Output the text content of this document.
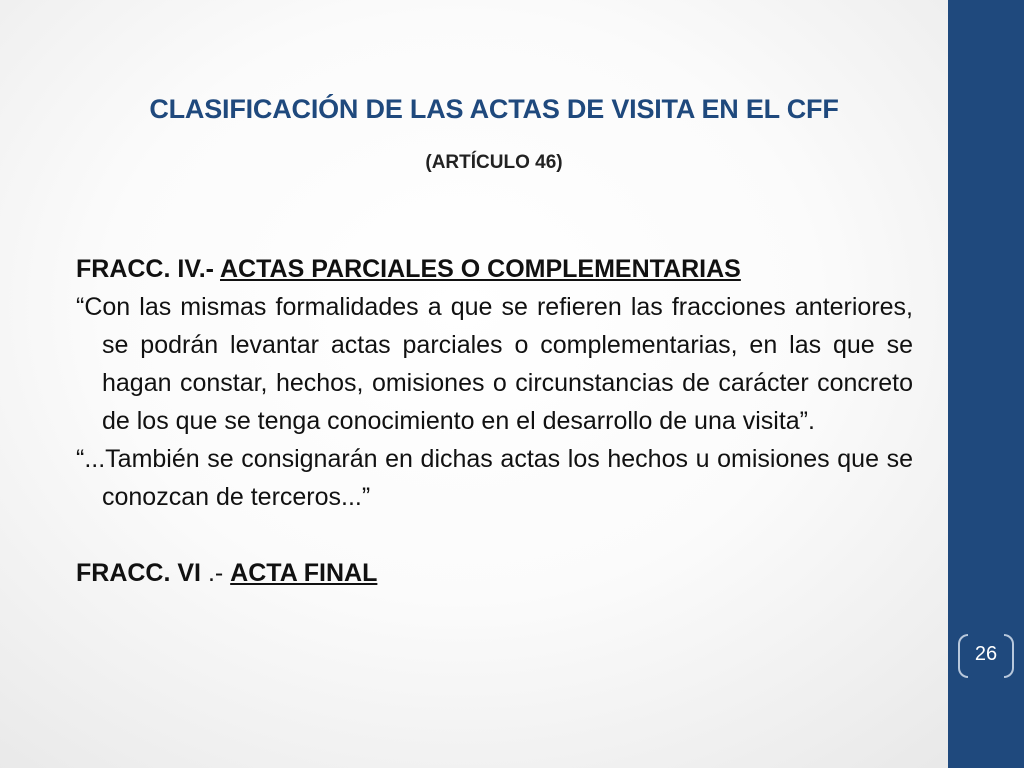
CLASIFICACIÓN DE LAS ACTAS DE VISITA EN EL CFF
(ARTÍCULO 46)

FRACC. IV.- ACTAS PARCIALES O COMPLEMENTARIAS

“Con las mismas formalidades a que se refieren las fracciones anteriores, se podrán levantar actas parciales o complementarias, en las que se hagan constar, hechos, omisiones o circunstancias de carácter concreto de los que se tenga conocimiento en el desarrollo de una visita”.

“...También se consignarán en dichas actas los hechos u omisiones que se conozcan de terceros...”

FRACC. VI .- ACTA FINAL

26
